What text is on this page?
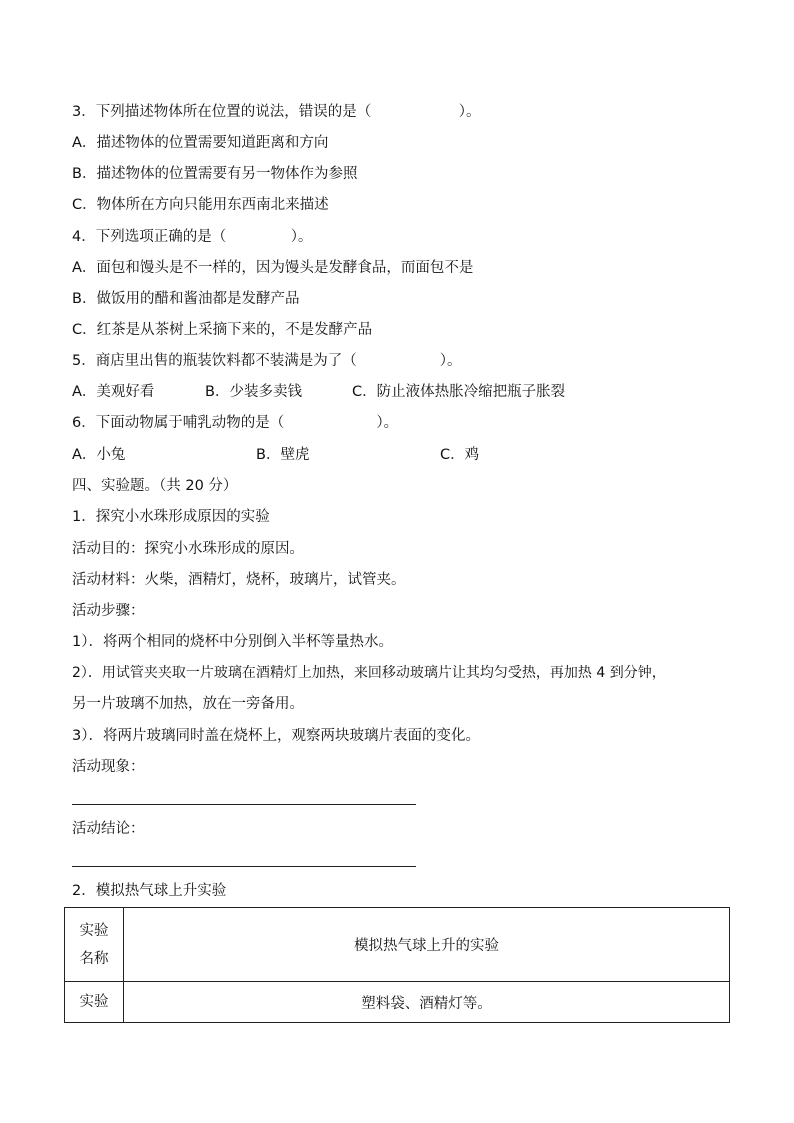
3．下列描述物体所在位置的说法，错误的是（                   ）。
A．描述物体的位置需要知道距离和方向
B．描述物体的位置需要有另一物体作为参照
C．物体所在方向只能用东西南北来描述
4．下列选项正确的是（              ）。
A．面包和馒头是不一样的，因为馒头是发酵食品，而面包不是
B．做饭用的醋和酱油都是发酵产品
C．红茶是从茶树上采摘下来的，不是发酵产品
5．商店里出售的瓶装饮料都不装满是为了（                  ）。
A．美观好看	B．少装多卖钱	C．防止液体热胀冷缩把瓶子胀裂
6．下面动物属于哺乳动物的是（                    ）。
A．小兔	B．壁虎	C．鸡
四、实验题。（共 20 分）
1．探究小水珠形成原因的实验
活动目的：探究小水珠形成的原因。
活动材料：火柴，酒精灯，烧杯，玻璃片，试管夹。
活动步骤：
1）．将两个相同的烧杯中分别倒入半杯等量热水。
2）．用试管夹夹取一片玻璃在酒精灯上加热，来回移动玻璃片让其均匀受热，再加热 4 到分钟，
另一片玻璃不加热，放在一旁备用。
3）．将两片玻璃同时盖在烧杯上，观察两块玻璃片表面的变化。
活动现象：
活动结论：
2．模拟热气球上升实验
实验
名称	模拟热气球上升的实验
实验	塑料袋、酒精灯等。
